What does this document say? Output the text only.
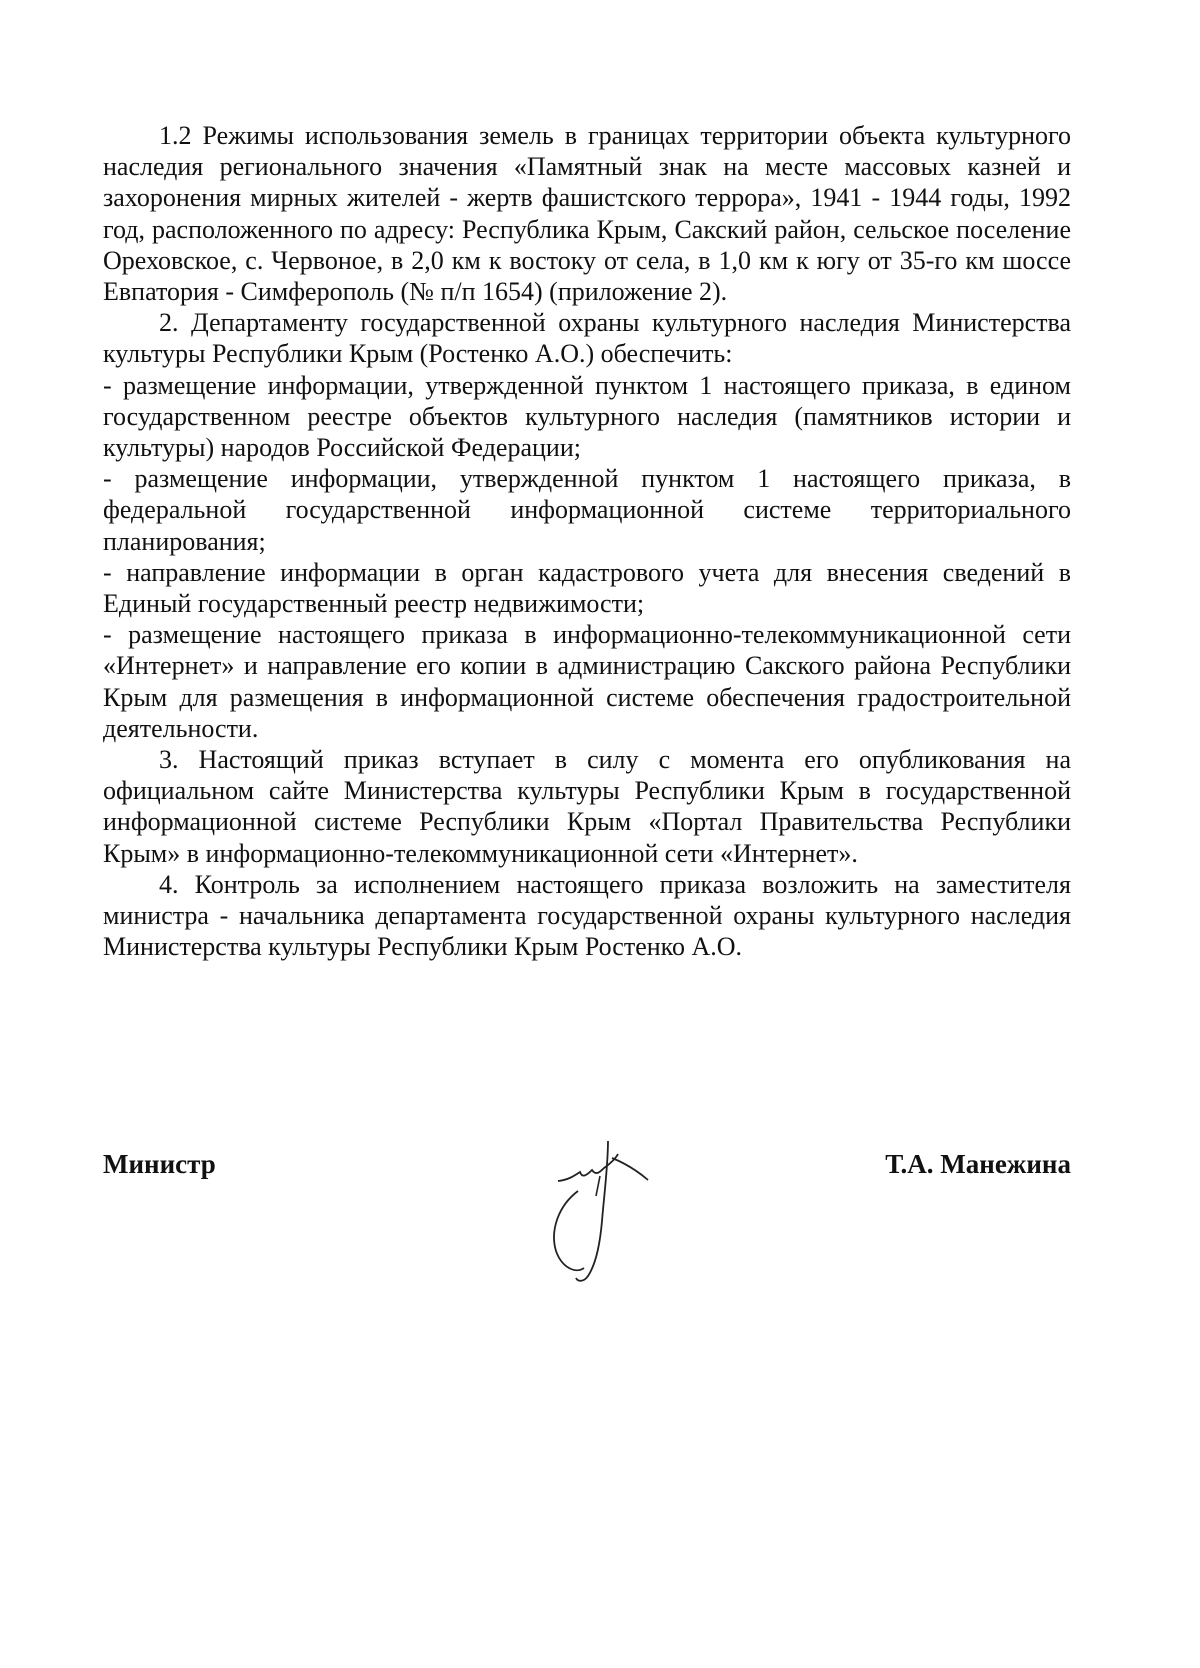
1.2 Режимы использования земель в границах территории объекта культурного наследия регионального значения «Памятный знак на месте массовых казней и захоронения мирных жителей - жертв фашистского террора», 1941 - 1944 годы, 1992 год, расположенного по адресу: Республика Крым, Сакский район, сельское поселение Ореховское, с. Червоное, в 2,0 км к востоку от села, в 1,0 км к югу от 35-го км шоссе Евпатория - Симферополь (№ п/п 1654) (приложение 2).

2. Департаменту государственной охраны культурного наследия Министерства культуры Республики Крым (Ростенко А.О.) обеспечить:

- размещение информации, утвержденной пунктом 1 настоящего приказа, в едином государственном реестре объектов культурного наследия (памятников истории и культуры) народов Российской Федерации;

- размещение информации, утвержденной пунктом 1 настоящего приказа, в федеральной государственной информационной системе территориального планирования;

- направление информации в орган кадастрового учета для внесения сведений в Единый государственный реестр недвижимости;

- размещение настоящего приказа в информационно-телекоммуникационной сети «Интернет» и направление его копии в администрацию Сакского района Республики Крым для размещения в информационной системе обеспечения градостроительной деятельности.

3. Настоящий приказ вступает в силу с момента его опубликования на официальном сайте Министерства культуры Республики Крым в государственной информационной системе Республики Крым «Портал Правительства Республики Крым» в информационно-телекоммуникационной сети «Интернет».

4. Контроль за исполнением настоящего приказа возложить на заместителя министра - начальника департамента государственной охраны культурного наследия Министерства культуры Республики Крым Ростенко А.О.

Министр	Т.А. Манежина
